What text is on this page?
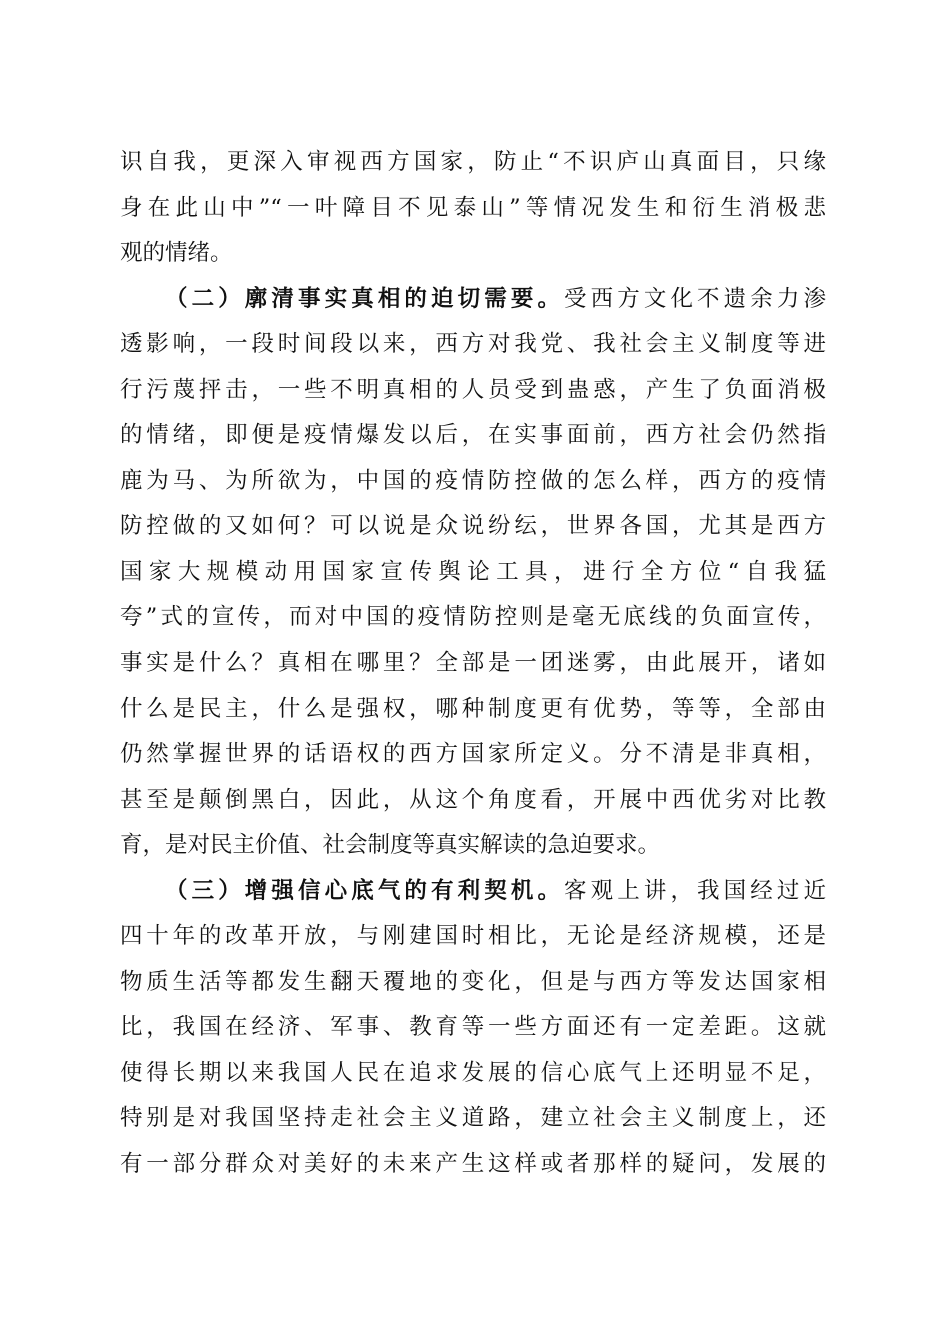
识自我，更深入审视西方国家，防止“不识庐山真面目，只缘
身在此山中”“一叶障目不见泰山”等情况发生和衍生消极悲
观的情绪。
（二）廓清事实真相的迫切需要。受西方文化不遗余力渗
透影响，一段时间段以来，西方对我党、我社会主义制度等进
行污蔑抨击，一些不明真相的人员受到蛊惑，产生了负面消极
的情绪，即便是疫情爆发以后，在实事面前，西方社会仍然指
鹿为马、为所欲为，中国的疫情防控做的怎么样，西方的疫情
防控做的又如何？可以说是众说纷纭，世界各国，尤其是西方
国家大规模动用国家宣传舆论工具，进行全方位“自我猛
夸”式的宣传，而对中国的疫情防控则是毫无底线的负面宣传，
事实是什么？真相在哪里？全部是一团迷雾，由此展开，诸如
什么是民主，什么是强权，哪种制度更有优势，等等，全部由
仍然掌握世界的话语权的西方国家所定义。分不清是非真相，
甚至是颠倒黑白，因此，从这个角度看，开展中西优劣对比教
育，是对民主价值、社会制度等真实解读的急迫要求。
（三）增强信心底气的有利契机。客观上讲，我国经过近
四十年的改革开放，与刚建国时相比，无论是经济规模，还是
物质生活等都发生翻天覆地的变化，但是与西方等发达国家相
比，我国在经济、军事、教育等一些方面还有一定差距。这就
使得长期以来我国人民在追求发展的信心底气上还明显不足，
特别是对我国坚持走社会主义道路，建立社会主义制度上，还
有一部分群众对美好的未来产生这样或者那样的疑问，发展的
